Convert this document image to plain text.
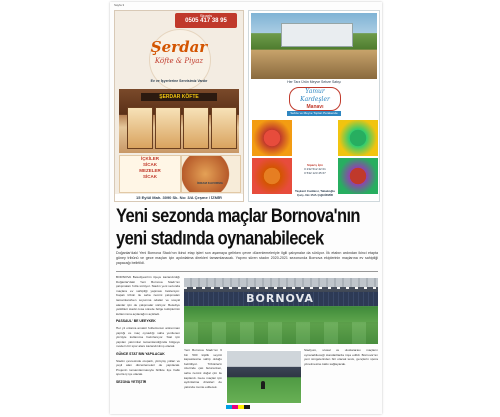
Sayfa 3
Siparis
0505 417 38 95
Şerdar
Köfte & Piyaz
Ev ve İşyerlerine Servisimiz Vardır
ŞERDAR KÖFTE
İÇKİLER
SİCAK
MEZELER
SİCAK
İKRAM KAVURMA
15 Eylül Mah. 3090 Sk. No: 3/A Çeşme / İZMİR
Her Tarz Ürün Meyve Sebze Satışı
Yamur Kardeşler
Manavı
Sebze ve Meyve Toptan Perakende
Sipariş İçin
0 232 512 42 01
0 532 123 45 67
Taşkent Caddesi, Tabakoğlu Çarş. No:15/A Çiğli/İZMİR
Yeni sezonda maçlar Bornova'nın
yeni stadında oynanabilecek
Doğanlar'daki Yeni Bornova Stadı'nın ikinci etap işleri son aşamaya gelirken çevre düzenlemeleriyle ilgili çalışmalar da sürüyor. İlk etabın ardından ikinci etapta güney tribünü ve gece maçları için aydınlatma direkleri tamamlanacak. Yapımı süren stadın 2020-2021 sezonunda Bornova ekiplerinin maçlarına ev sahipliği yapacağı belirtildi.
BORNOVA Belediyesi'nin ilçeye kazandırdığı Doğanlar'daki Yeni Bornova Stadı'nın çalışmaları hızla sürüyor. Stadın yeni sezonda maçlara ev sahipliği yapması bekleniyor. Kapalı tribün ile saha zemini çalışmaları tamamlanırken soyunma odaları ve sosyal alanlar için de çalışmalar sürüyor. Belediye yetkilileri stadın kısa sürede bölge kulüplerinin kullanımına açılacağını açıkladı.
PASSAUL' BE UEEYKEK
Her yıl onlarca amatör futbolcunun antrenman yaptığı ve maç oynadığı saha yenilenen yüzüyle kullanıma hazırlanıyor. Stat için yapılan yatırımlar tamamlandığında bölgeye modern bir spor alanı kazandırılmış olacak.
GÜNCE STAT BIN YAPILACAK
Stadın çevresinde otopark, yürüyüş yolları ve yeşil alan düzenlemeleri de yapılacak. Projenin tamamlanmasıyla birlikte ilçe halkı sporla iç içe olacak.
SEZONA YETİŞTİR
BORNOVA
Yeni Bornova Stadı'nın 6 bin 500 kişilik seyirci kapasitesine sahip olduğu belirtiliyor. Tribünlerin üzerinde çatı bulunurken, saha zemini doğal çim ile kaplandı. Gece maçları için aydınlatma direkleri de yakında monte edilecek.
Stadyum, ulusal ve uluslararası maçların oynanabileceği standartlarda inşa edildi. Bornova'nın yeni simgelerinden biri olacak tesis, gençlerin spora yönelmesine katkı sağlayacak.
